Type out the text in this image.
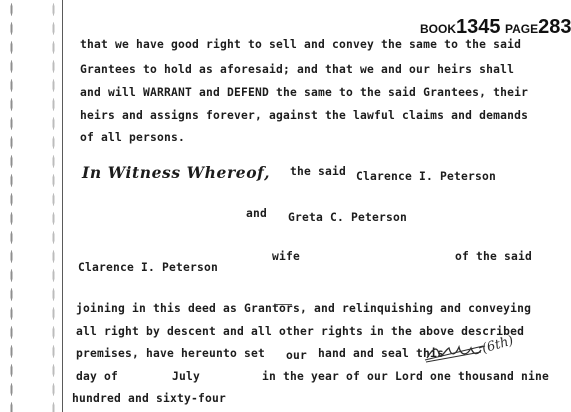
BOOK1345 PAGE283
that we have good right to sell and convey the same to the said
Grantees to hold as aforesaid; and that we and our heirs shall
and will WARRANT and DEFEND the same to the said Grantees, their
heirs and assigns forever, against the lawful claims and demands
of all persons.
In Witness Whereof, the said Clarence I. Peterson
and Greta C. Peterson
wife	of the said
Clarence I. Peterson
joining in this deed as Grantors, and relinquishing and conveying
all right by descent and all other rights in the above described
premises, have hereunto set our hand and seal this	(6th)
day of	July	in the year of our Lord one thousand nine
hundred and sixty-four
